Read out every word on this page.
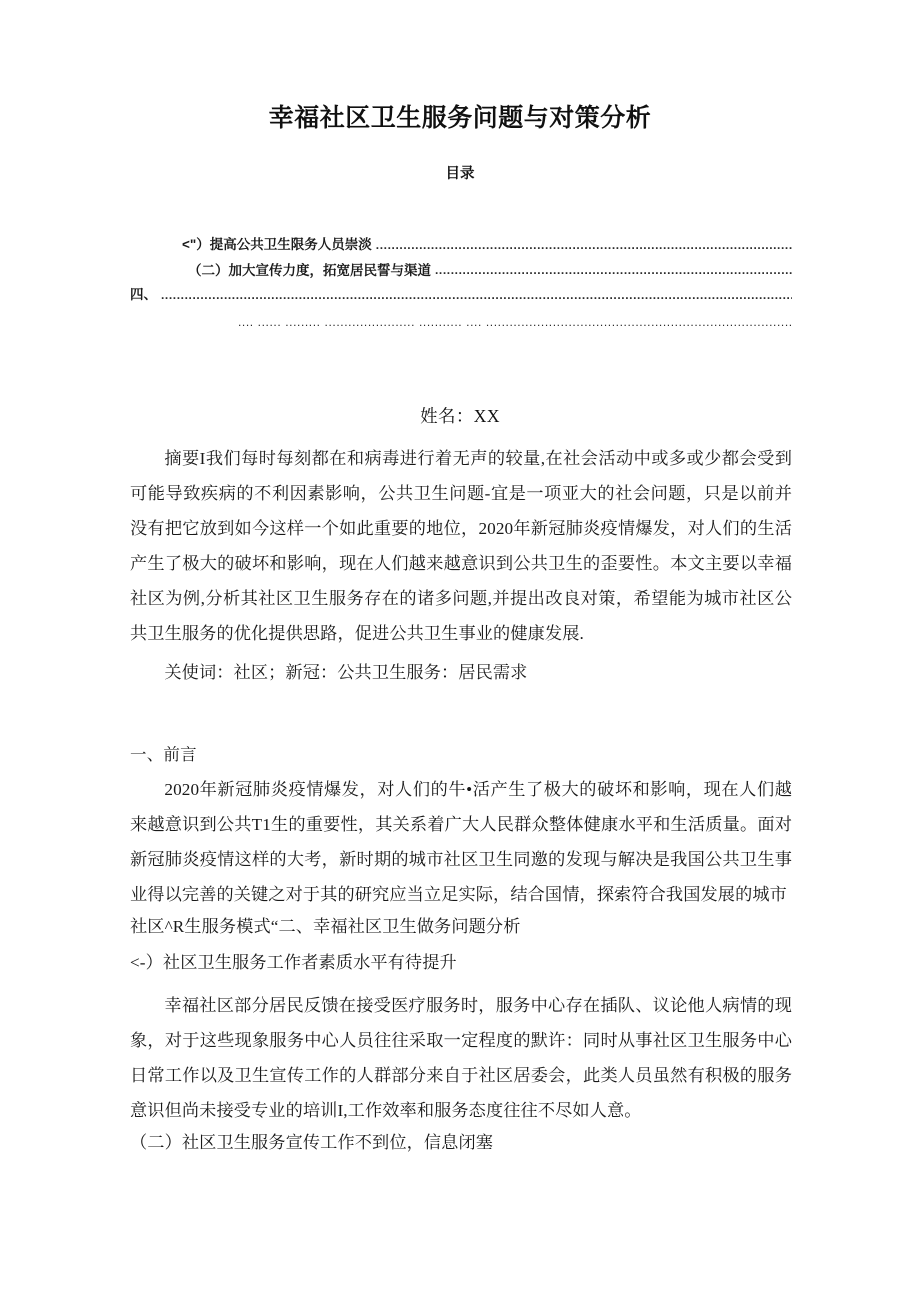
幸福社区卫生服务问题与对策分析
目录
<"）提高公共卫生限务人员崇淡
.....
（二）加大宣传力度，拓宽居民誓与渠道
.....
四、
.....
....
姓名：XX
摘要I我们每时每刻都在和病毒进行着无声的较量,在社会活动中或多或少都会受到可能导致疾病的不利因素影响，公共卫生问题-宜是一项亚大的社会问题，只是以前并没有把它放到如今这样一个如此重要的地位，2020年新冠肺炎疫情爆发，对人们的生活产生了极大的破坏和影响，现在人们越来越意识到公共卫生的歪要性。本文主要以幸福社区为例,分析其社区卫生服务存在的诸多问题,并提出改良对策，希望能为城市社区公共卫生服务的优化提供思路，促进公共卫生事业的健康发展.
关使词：社区；新冠：公共卫生服务：居民需求
一、前言
2020年新冠肺炎疫情爆发，对人们的牛•活产生了极大的破坏和影响，现在人们越来越意识到公共T1生的重要性，其关系着广大人民群众整体健康水平和生活质量。面对新冠肺炎疫情这样的大考，新时期的城市社区卫生同邀的发现与解决是我国公共卫生事业得以完善的关键之对于其的研究应当立足实际，结合国情，探索符合我国发展的城市
社区^R生服务模式“二、幸福社区卫生做务问题分析
<-）社区卫生服务工作者素质水平有待提升
幸福社区部分居民反馈在接受医疗服务时，服务中心存在插队、议论他人病情的现象，对于这些现象服务中心人员往往采取一定程度的默许：同时从事社区卫生服务中心日常工作以及卫生宣传工作的人群部分来自于社区居委会，此类人员虽然有积极的服务意识但尚未接受专业的培训I,工作效率和服务态度往往不尽如人意。
（二）社区卫生服务宣传工作不到位，信息闭塞
